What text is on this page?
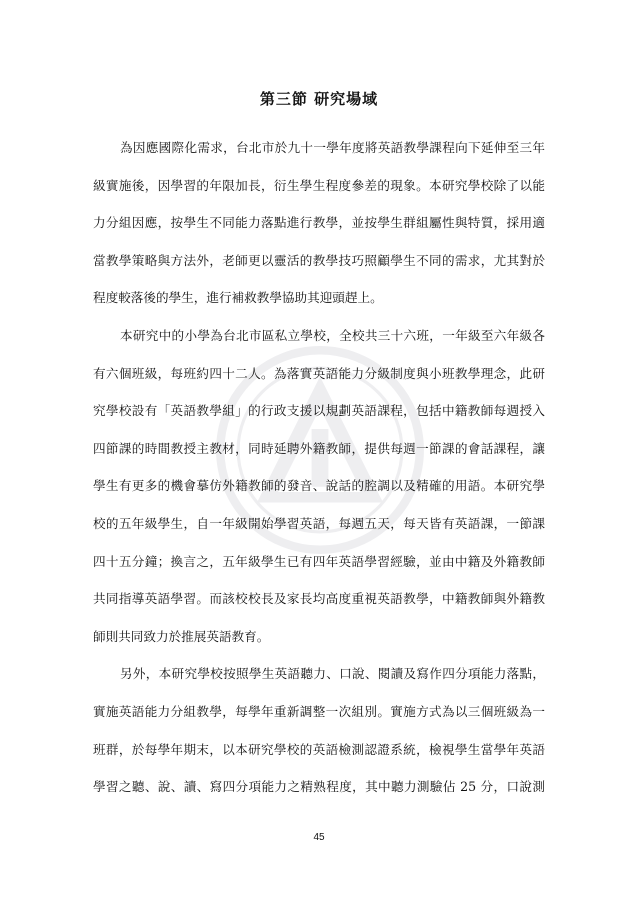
第三節 研究場域
為因應國際化需求，台北市於九十一學年度將英語教學課程向下延伸至三年
級實施後，因學習的年限加長，衍生學生程度參差的現象。本研究學校除了以能
力分組因應，按學生不同能力落點進行教學，並按學生群組屬性與特質，採用適
當教學策略與方法外，老師更以靈活的教學技巧照顧學生不同的需求，尤其對於
程度較落後的學生，進行補救教學協助其迎頭趕上。
本研究中的小學為台北市區私立學校，全校共三十六班，一年級至六年級各
有六個班級，每班約四十二人。為落實英語能力分級制度與小班教學理念，此研
究學校設有「英語教學組」的行政支援以規劃英語課程，包括中籍教師每週授入
四節課的時間教授主教材，同時延聘外籍教師，提供每週一節課的會話課程，讓
學生有更多的機會摹仿外籍教師的發音、說話的腔調以及精確的用語。本研究學
校的五年級學生，自一年級開始學習英語，每週五天，每天皆有英語課，一節課
四十五分鐘；換言之，五年級學生已有四年英語學習經驗，並由中籍及外籍教師
共同指導英語學習。而該校校長及家長均高度重視英語教學，中籍教師與外籍教
師則共同致力於推展英語教育。
另外，本研究學校按照學生英語聽力、口說、閱讀及寫作四分項能力落點，
實施英語能力分組教學，每學年重新調整一次組別。實施方式為以三個班級為一
班群，於每學年期末，以本研究學校的英語檢測認證系統，檢視學生當學年英語
學習之聽、說、讀、寫四分項能力之精熟程度，其中聽力測驗佔 25 分，口說測
45
